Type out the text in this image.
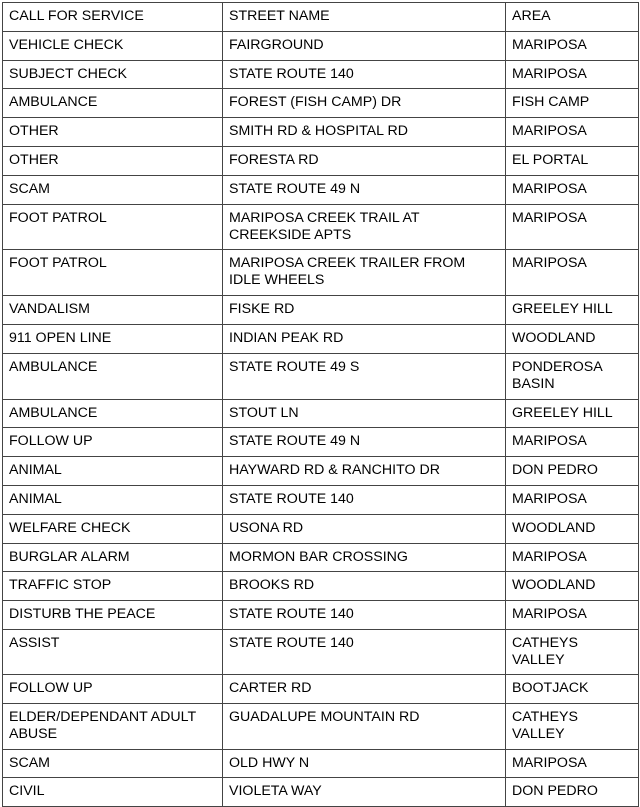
CALL FOR SERVICE	STREET NAME	AREA
VEHICLE CHECK	FAIRGROUND	MARIPOSA
SUBJECT CHECK	STATE ROUTE 140	MARIPOSA
AMBULANCE	FOREST (FISH CAMP) DR	FISH CAMP
OTHER	SMITH RD & HOSPITAL RD	MARIPOSA
OTHER	FORESTA RD	EL PORTAL
SCAM	STATE ROUTE 49 N	MARIPOSA
FOOT PATROL	MARIPOSA CREEK TRAIL AT CREEKSIDE APTS	MARIPOSA
FOOT PATROL	MARIPOSA CREEK TRAILER FROM IDLE WHEELS	MARIPOSA
VANDALISM	FISKE RD	GREELEY HILL
911 OPEN LINE	INDIAN PEAK RD	WOODLAND
AMBULANCE	STATE ROUTE 49 S	PONDEROSA BASIN
AMBULANCE	STOUT LN	GREELEY HILL
FOLLOW UP	STATE ROUTE 49 N	MARIPOSA
ANIMAL	HAYWARD RD & RANCHITO DR	DON PEDRO
ANIMAL	STATE ROUTE 140	MARIPOSA
WELFARE CHECK	USONA RD	WOODLAND
BURGLAR ALARM	MORMON BAR CROSSING	MARIPOSA
TRAFFIC STOP	BROOKS RD	WOODLAND
DISTURB THE PEACE	STATE ROUTE 140	MARIPOSA
ASSIST	STATE ROUTE 140	CATHEYS VALLEY
FOLLOW UP	CARTER RD	BOOTJACK
ELDER/DEPENDANT ADULT ABUSE	GUADALUPE MOUNTAIN RD	CATHEYS VALLEY
SCAM	OLD HWY N	MARIPOSA
CIVIL	VIOLETA WAY	DON PEDRO
